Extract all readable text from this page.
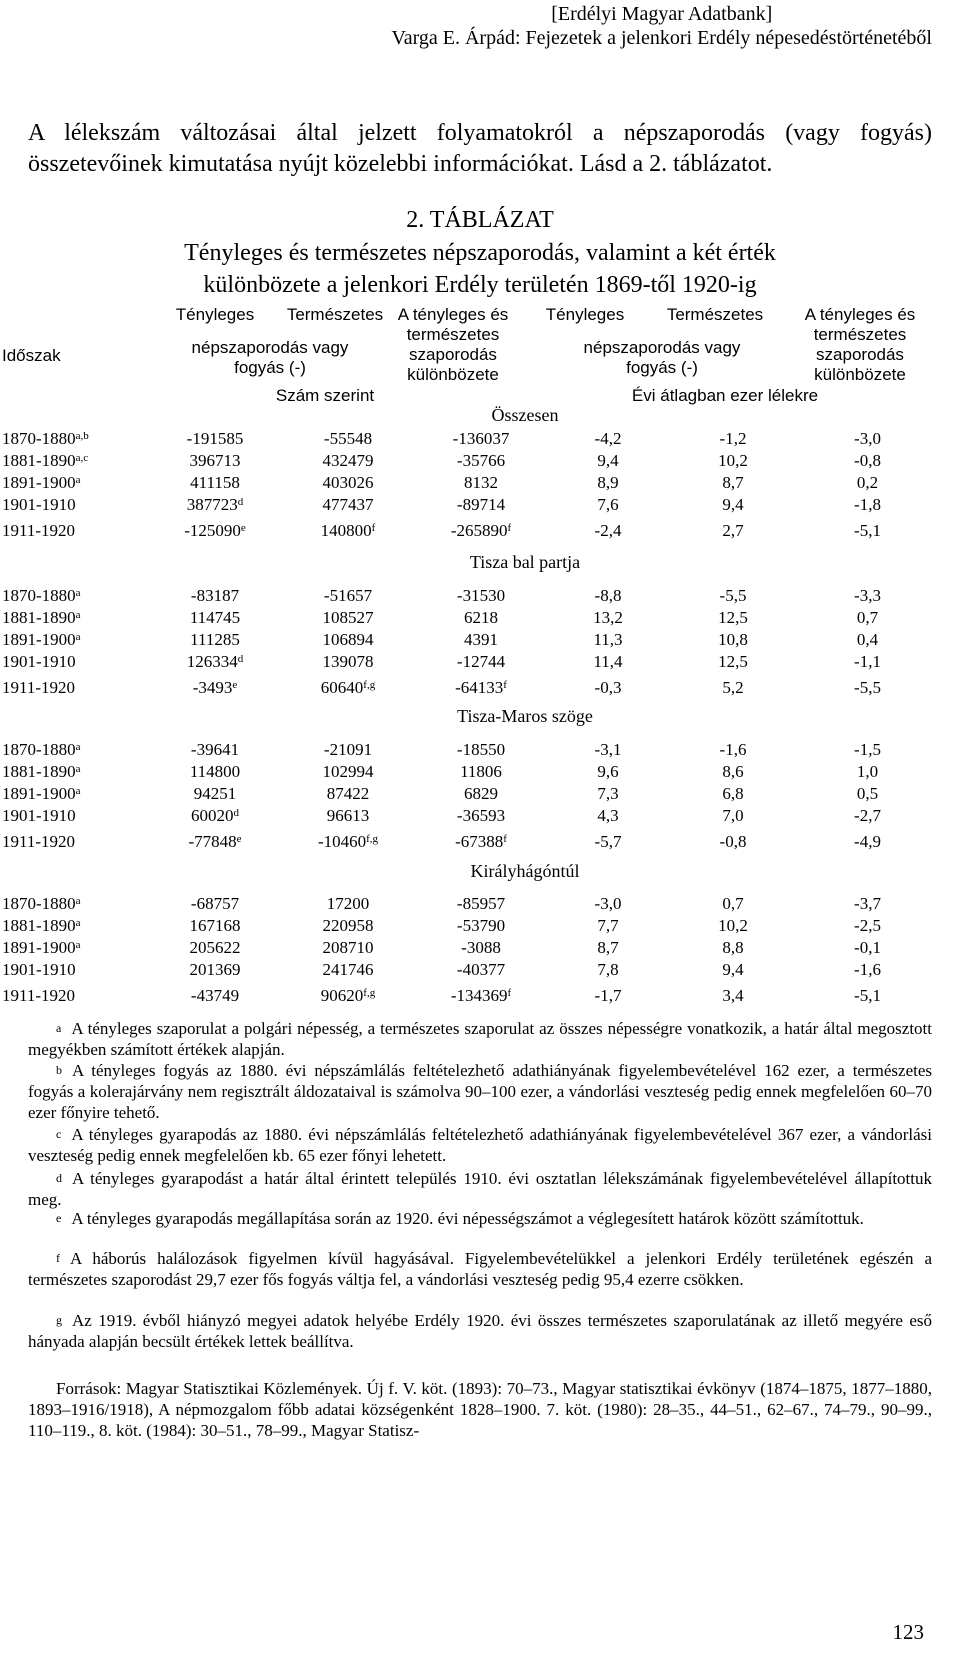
[Erdélyi Magyar Adatbank]
Varga E. Árpád: Fejezetek a jelenkori Erdély népesedéstörténetéből
A lélekszám változásai által jelzett folyamatokról a népszaporodás (vagy fogyás) összetevőinek kimutatása nyújt közelebbi információkat. Lásd a 2. táblázatot.
2. TÁBLÁZAT
Tényleges és természetes népszaporodás, valamint a két érték
különbözete a jelenkori Erdély területén 1869-től 1920-ig
Időszak
Tényleges	Természetes
népszaporodás vagy
fogyás (-)
A tényleges és
természetes
szaporodás
különbözete
Tényleges	Természetes
népszaporodás vagy
fogyás (-)
A tényleges és
természetes
szaporodás
különbözete
Szám szerint	Évi átlagban ezer lélekre
Összesen
1870-1880$^{a,b}$	-191585	-55548	-136037	-4,2	-1,2	-3,0
1881-1890$^{a,c}$	396713	432479	-35766	9,4	10,2	-0,8
1891-1900$^a$	411158	403026	8132	8,9	8,7	0,2
1901-1910	387723$^d$	477437	-89714	7,6	9,4	-1,8
1911-1920	-125090e	140800$^f$	-265890$^f$	-2,4	2,7	-5,1
Tisza bal partja
1870-1880$^a$	-83187	-51657	-31530	-8,8	-5,5	-3,3
1881-1890$^a$	114745	108527	6218	13,2	12,5	0,7
1891-1900$^a$	111285	106894	4391	11,3	10,8	0,4
1901-1910	126334$^d$	139078	-12744	11,4	12,5	-1,1
1911-1920	-3493e	60640$^{f,g}$	-64133$^f$	-0,3	5,2	-5,5
Tisza-Maros szöge
1870-1880$^a$	-39641	-21091	-18550	-3,1	-1,6	-1,5
1881-1890$^a$	114800	102994	11806	9,6	8,6	1,0
1891-1900$^a$	94251	87422	6829	7,3	6,8	0,5
1901-1910	60020$^d$	96613	-36593	4,3	7,0	-2,7
1911-1920	-77848e	-10460$^{f,g}$	-67388$^f$	-5,7	-0,8	-4,9
Királyhágóntúl
1870-1880$^a$	-68757	17200	-85957	-3,0	0,7	-3,7
1881-1890$^a$	167168	220958	-53790	7,7	10,2	-2,5
1891-1900$^a$	205622	208710	-3088	8,7	8,8	-0,1
1901-1910	201369	241746	-40377	7,8	9,4	-1,6
1911-1920	-43749	90620$^{f,g}$	-134369$^f$	-1,7	3,4	-5,1
$^a$ A tényleges szaporulat a polgári népesség, a természetes szaporulat az összes népességre vonatkozik, a határ által megosztott megyékben számított értékek alapján.
$^b$ A tényleges fogyás az 1880. évi népszámlálás feltételezhető adathiányának figyelembevételével 162 ezer, a természetes fogyás a kolerajárvány nem regisztrált áldozataival is számolva 90–100 ezer, a vándorlási veszteség pedig ennek megfelelően 60–70 ezer főnyire tehető.
$^c$ A tényleges gyarapodás az 1880. évi népszámlálás feltételezhető adathiányának figyelembevételével 367 ezer, a vándorlási veszteség pedig ennek megfelelően kb. 65 ezer főnyi lehetett.
$^d$ A tényleges gyarapodást a határ által érintett település 1910. évi osztatlan lélekszámának figyelembevételével állapítottuk meg.
$^e$ A tényleges gyarapodás megállapítása során az 1920. évi népességszámot a véglegesített határok között számítottuk.
$^f$ A háborús halálozások figyelmen kívül hagyásával. Figyelembevételükkel a jelenkori Erdély területének egészén a természetes szaporodást 29,7 ezer fős fogyás váltja fel, a vándorlási veszteség pedig 95,4 ezerre csökken.
$^g$ Az 1919. évből hiányzó megyei adatok helyébe Erdély 1920. évi összes természetes szaporulatának az illető megyére eső hányada alapján becsült értékek lettek beállítva.
Források: Magyar Statisztikai Közlemények. Új f. V. köt. (1893): 70–73., Magyar statisztikai évkönyv (1874–1875, 1877–1880, 1893–1916/1918), A népmozgalom főbb adatai községenként 1828–1900. 7. köt. (1980): 28–35., 44–51., 62–67., 74–79., 90–99., 110–119., 8. köt. (1984): 30–51., 78–99., Magyar Statisz-
123
